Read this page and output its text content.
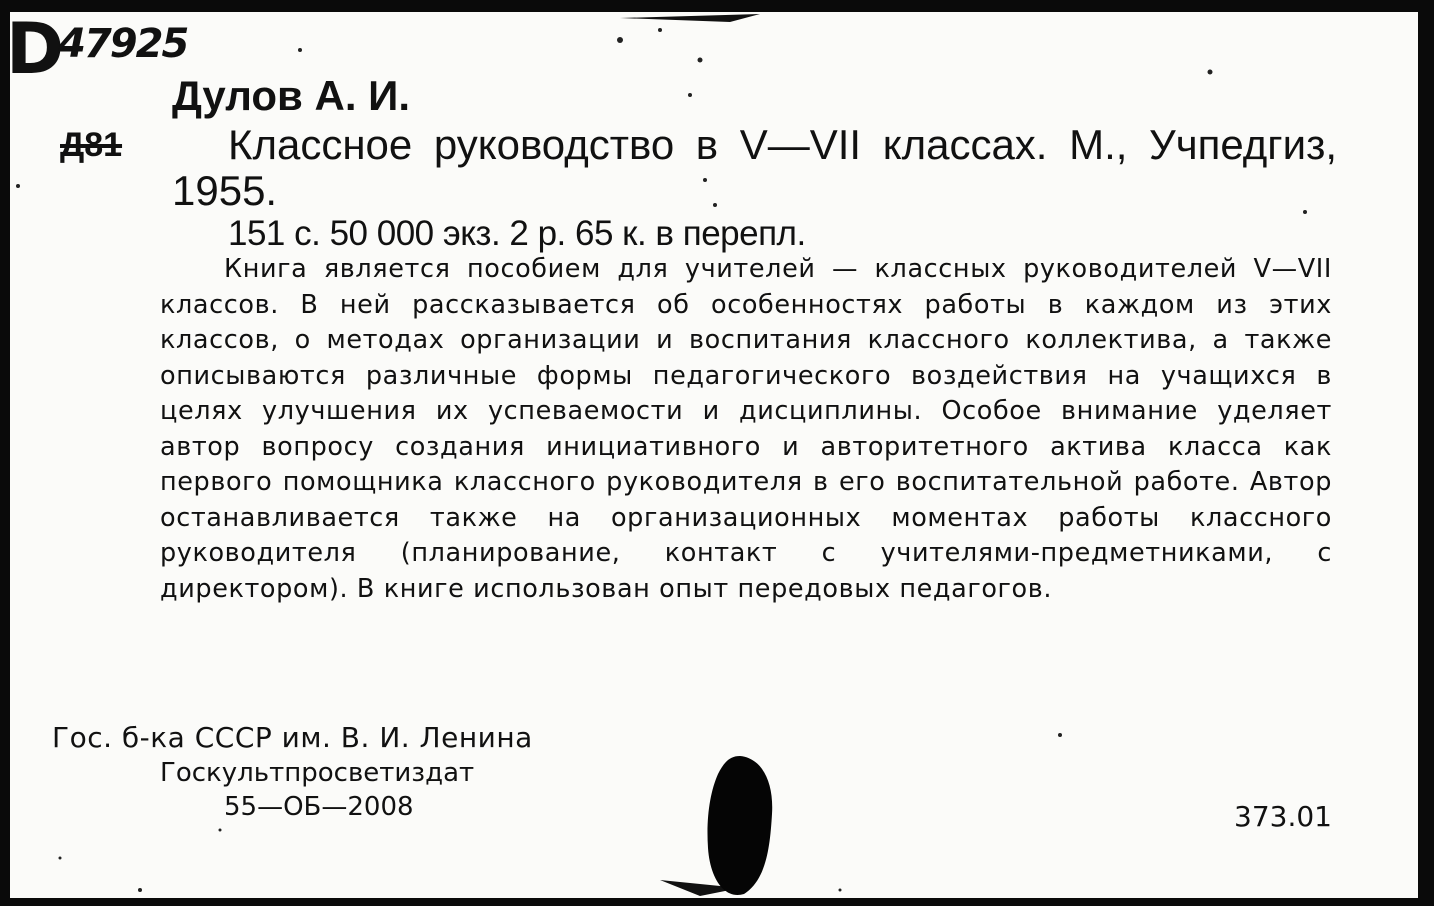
$D^{47925}$
Дулов А. И.
Д81	Классное руководство в V—VII классах. М., Учпедгиз, 1955.
151 с. 50 000 экз. 2 р. 65 к. в перепл.
Книга является пособием для учителей — классных руководителей V—VII классов. В ней рассказывается об особенностях работы в каждом из этих классов, о методах организации и воспитания классного коллектива, а также описываются различные формы педагогического воздействия на учащихся в целях улучшения их успеваемости и дисциплины. Особое внимание уделяет автор вопросу создания инициативного и авторитетного актива класса как первого помощника классного руководителя в его воспитательной работе. Автор останавливается также на организационных моментах работы классного руководителя (планирование, контакт с учителями-предметниками, с директором). В книге использован опыт передовых педагогов.
Гос. б-ка СССР им. В. И. Ленина
Госкультпросветиздат
55—ОБ—2008	373.01
